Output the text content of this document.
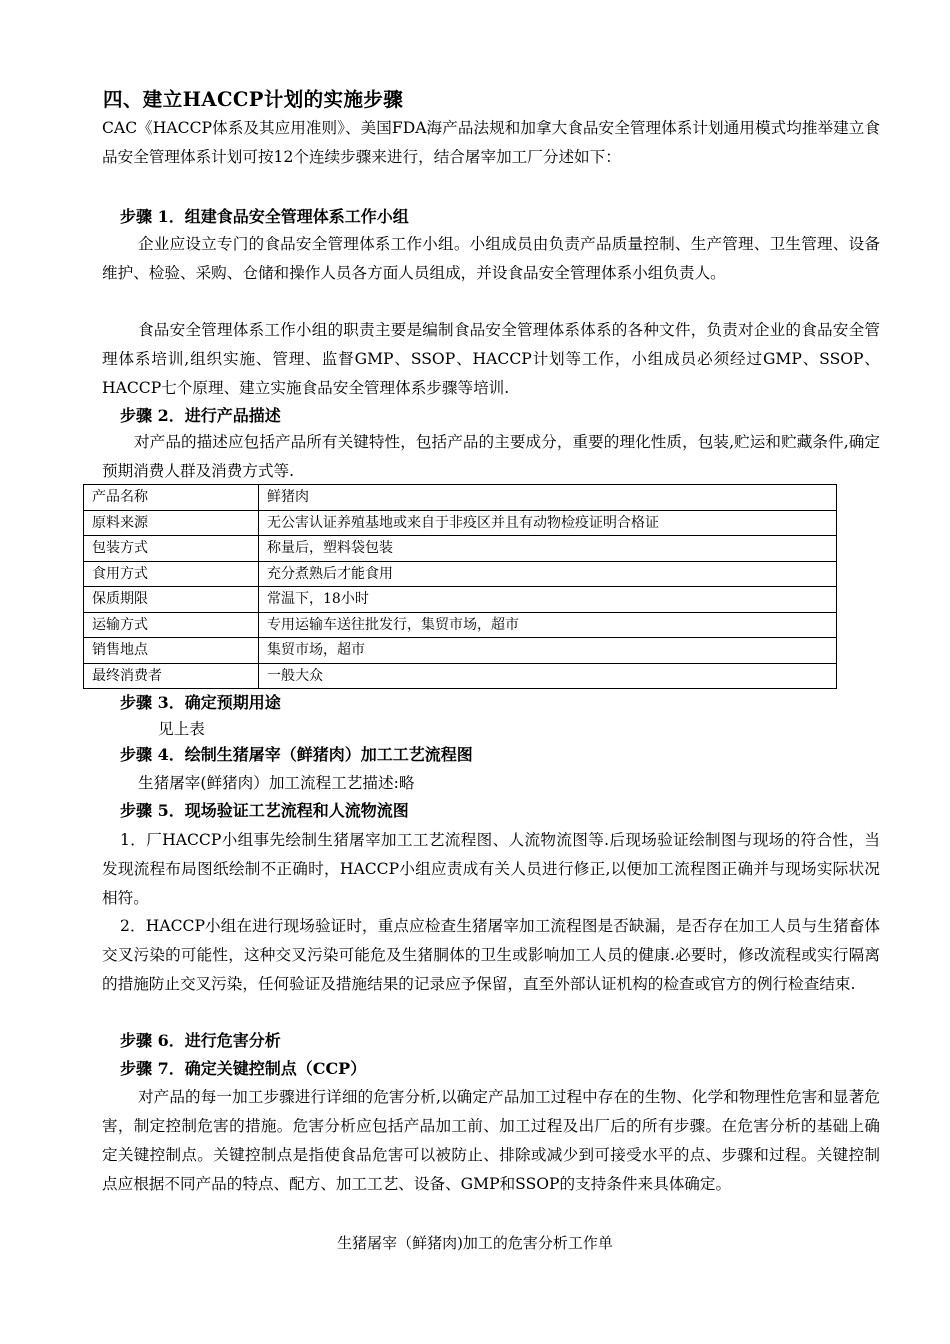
四、建立HACCP计划的实施步骤
CAC《HACCP体系及其应用准则》、美国FDA海产品法规和加拿大食品安全管理体系计划通用模式均推举建立食品安全管理体系计划可按12个连续步骤来进行，结合屠宰加工厂分述如下：
步骤 1．组建食品安全管理体系工作小组
企业应设立专门的食品安全管理体系工作小组。小组成员由负责产品质量控制、生产管理、卫生管理、设备维护、检验、采购、仓储和操作人员各方面人员组成，并设食品安全管理体系小组负责人。
食品安全管理体系工作小组的职责主要是编制食品安全管理体系体系的各种文件，负责对企业的食品安全管理体系培训,组织实施、管理、监督GMP、SSOP、HACCP计划等工作，小组成员必须经过GMP、SSOP、HACCP七个原理、建立实施食品安全管理体系步骤等培训.
步骤 2．进行产品描述
对产品的描述应包括产品所有关键特性，包括产品的主要成分，重要的理化性质，包装,贮运和贮藏条件,确定预期消费人群及消费方式等.
产品名称	鲜猪肉
原料来源	无公害认证养殖基地或来自于非疫区并且有动物检疫证明合格证
包装方式	称量后，塑料袋包装
食用方式	充分煮熟后才能食用
保质期限	常温下，18小时
运输方式	专用运输车送往批发行，集贸市场，超市
销售地点	集贸市场，超市
最终消费者	一般大众
步骤 3．确定预期用途
见上表
步骤 4．绘制生猪屠宰（鲜猪肉）加工工艺流程图
生猪屠宰(鲜猪肉）加工流程工艺描述:略
步骤 5．现场验证工艺流程和人流物流图
1．厂HACCP小组事先绘制生猪屠宰加工工艺流程图、人流物流图等.后现场验证绘制图与现场的符合性，当发现流程布局图纸绘制不正确时，HACCP小组应责成有关人员进行修正,以便加工流程图正确并与现场实际状况相符。
2．HACCP小组在进行现场验证时，重点应检查生猪屠宰加工流程图是否缺漏，是否存在加工人员与生猪畜体交叉污染的可能性，这种交叉污染可能危及生猪胴体的卫生或影响加工人员的健康.必要时，修改流程或实行隔离的措施防止交叉污染，任何验证及措施结果的记录应予保留，直至外部认证机构的检查或官方的例行检查结束.
步骤 6．进行危害分析
步骤 7．确定关键控制点（CCP）
对产品的每一加工步骤进行详细的危害分析,以确定产品加工过程中存在的生物、化学和物理性危害和显著危害，制定控制危害的措施。危害分析应包括产品加工前、加工过程及出厂后的所有步骤。在危害分析的基础上确定关键控制点。关键控制点是指使食品危害可以被防止、排除或减少到可接受水平的点、步骤和过程。关键控制点应根据不同产品的特点、配方、加工工艺、设备、GMP和SSOP的支持条件来具体确定。
生猪屠宰（鲜猪肉)加工的危害分析工作单
